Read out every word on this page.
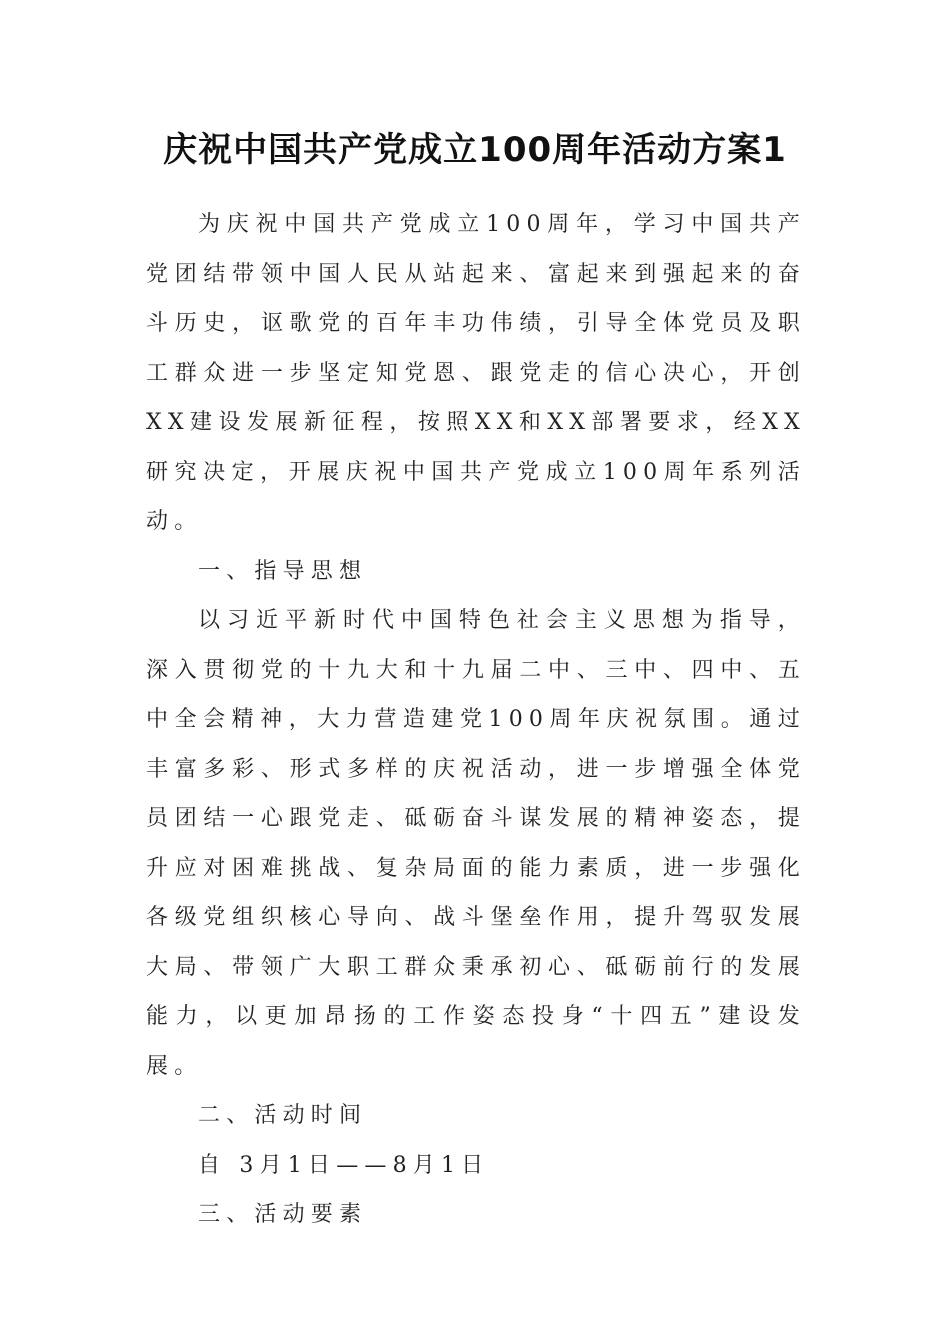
庆祝中国共产党成立100周年活动方案1

为庆祝中国共产党成立100周年，学习中国共产党团结带领中国人民从站起来、富起来到强起来的奋斗历史，讴歌党的百年丰功伟绩，引导全体党员及职工群众进一步坚定知党恩、跟党走的信心决心，开创XX建设发展新征程，按照XX和XX部署要求，经XX研究决定，开展庆祝中国共产党成立100周年系列活动。

一、指导思想

以习近平新时代中国特色社会主义思想为指导，深入贯彻党的十九大和十九届二中、三中、四中、五中全会精神，大力营造建党100周年庆祝氛围。通过丰富多彩、形式多样的庆祝活动，进一步增强全体党员团结一心跟党走、砥砺奋斗谋发展的精神姿态，提升应对困难挑战、复杂局面的能力素质，进一步强化各级党组织核心导向、战斗堡垒作用，提升驾驭发展大局、带领广大职工群众秉承初心、砥砺前行的发展能力，以更加昂扬的工作姿态投身“十四五”建设发展。

二、活动时间

自 3月1日——8月1日

三、活动要素
